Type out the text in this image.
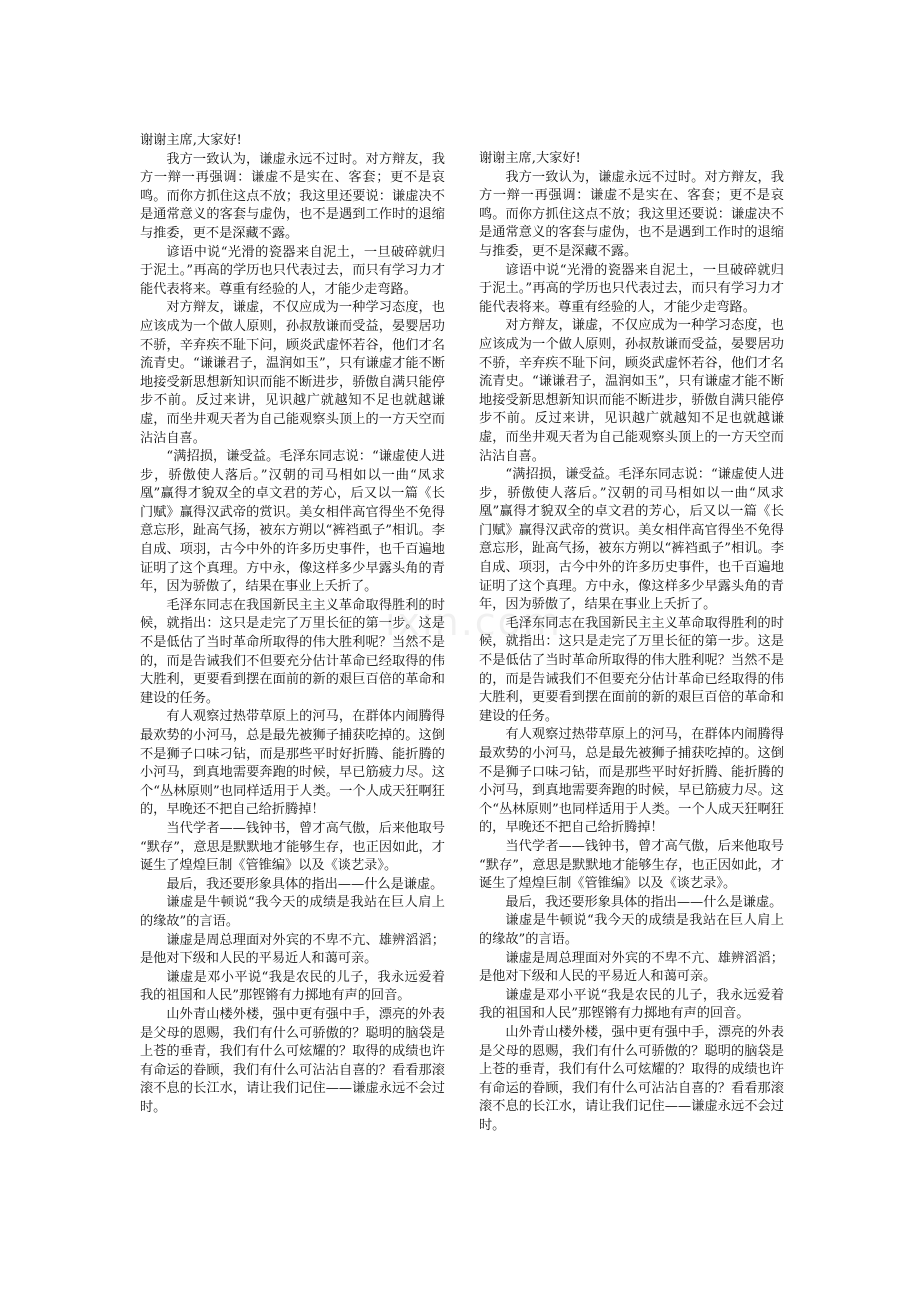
谢谢主席,大家好!

我方一致认为，谦虚永远不过时。对方辩友，我方一辩一再强调：谦虚不是实在、客套；更不是哀鸣。而你方抓住这点不放；我这里还要说：谦虚决不是通常意义的客套与虚伪，也不是遇到工作时的退缩与推委，更不是深藏不露。

谚语中说“光滑的瓷器来自泥土，一旦破碎就归于泥土。”再高的学历也只代表过去，而只有学习力才能代表将来。尊重有经验的人，才能少走弯路。

对方辩友，谦虚，不仅应成为一种学习态度，也应该成为一个做人原则，孙叔敖谦而受益，晏婴居功不骄，辛弃疾不耻下问，顾炎武虚怀若谷，他们才名流青史。“谦谦君子，温润如玉”，只有谦虚才能不断地接受新思想新知识而能不断进步，骄傲自满只能停步不前。反过来讲，见识越广就越知不足也就越谦虚，而坐井观天者为自己能观察头顶上的一方天空而沾沾自喜。

“满招损，谦受益。毛泽东同志说：“谦虚使人进步，骄傲使人落后。”汉朝的司马相如以一曲“凤求凰”赢得才貌双全的卓文君的芳心，后又以一篇《长门赋》赢得汉武帝的赏识。美女相伴高官得坐不免得意忘形，趾高气扬，被东方朔以“裤裆虱子”相讥。李自成、项羽，古今中外的许多历史事件，也千百遍地证明了这个真理。方中永，像这样多少早露头角的青年，因为骄傲了，结果在事业上夭折了。

毛泽东同志在我国新民主主义革命取得胜利的时候，就指出：这只是走完了万里长征的第一步。这是不是低估了当时革命所取得的伟大胜利呢？当然不是的，而是告诫我们不但要充分估计革命已经取得的伟大胜利，更要看到摆在面前的新的艰巨百倍的革命和建设的任务。

有人观察过热带草原上的河马，在群体内闹腾得最欢势的小河马，总是最先被狮子捕获吃掉的。这倒不是狮子口味刁钻，而是那些平时好折腾、能折腾的小河马，到真地需要奔跑的时候，早已筋疲力尽。这个“丛林原则”也同样适用于人类。一个人成天狂啊狂的，早晚还不把自己给折腾掉！

当代学者——钱钟书，曾才高气傲，后来他取号 “默存”，意思是默默地才能够生存，也正因如此，才诞生了煌煌巨制《管锥编》以及《谈艺录》。

最后，我还要形象具体的指出——什么是谦虚。

谦虚是牛顿说“我今天的成绩是我站在巨人肩上的缘故”的言语。

谦虚是周总理面对外宾的不卑不亢、雄辨滔滔；是他对下级和人民的平易近人和蔼可亲。

谦虚是邓小平说“我是农民的儿子，我永远爱着我的祖国和人民”那铿锵有力掷地有声的回音。

山外青山楼外楼，强中更有强中手，漂亮的外表是父母的恩赐，我们有什么可骄傲的？聪明的脑袋是上苍的垂青，我们有什么可炫耀的？取得的成绩也许有命运的眷顾，我们有什么可沾沾自喜的？看看那滚滚不息的长江水，请让我们记住——谦虚永远不会过时。

谢谢主席,大家好!

我方一致认为，谦虚永远不过时。对方辩友，我方一辩一再强调：谦虚不是实在、客套；更不是哀鸣。而你方抓住这点不放；我这里还要说：谦虚决不是通常意义的客套与虚伪，也不是遇到工作时的退缩与推委，更不是深藏不露。

谚语中说“光滑的瓷器来自泥土，一旦破碎就归于泥土。”再高的学历也只代表过去，而只有学习力才能代表将来。尊重有经验的人，才能少走弯路。

对方辩友，谦虚，不仅应成为一种学习态度，也应该成为一个做人原则，孙叔敖谦而受益，晏婴居功不骄，辛弃疾不耻下问，顾炎武虚怀若谷，他们才名流青史。“谦谦君子，温润如玉”，只有谦虚才能不断地接受新思想新知识而能不断进步，骄傲自满只能停步不前。反过来讲，见识越广就越知不足也就越谦虚，而坐井观天者为自己能观察头顶上的一方天空而沾沾自喜。

“满招损，谦受益。毛泽东同志说：“谦虚使人进步，骄傲使人落后。”汉朝的司马相如以一曲“凤求凰”赢得才貌双全的卓文君的芳心，后又以一篇《长门赋》赢得汉武帝的赏识。美女相伴高官得坐不免得意忘形，趾高气扬，被东方朔以“裤裆虱子”相讥。李自成、项羽，古今中外的许多历史事件，也千百遍地证明了这个真理。方中永，像这样多少早露头角的青年，因为骄傲了，结果在事业上夭折了。

毛泽东同志在我国新民主主义革命取得胜利的时候，就指出：这只是走完了万里长征的第一步。这是不是低估了当时革命所取得的伟大胜利呢？当然不是的，而是告诫我们不但要充分估计革命已经取得的伟大胜利，更要看到摆在面前的新的艰巨百倍的革命和建设的任务。

有人观察过热带草原上的河马，在群体内闹腾得最欢势的小河马，总是最先被狮子捕获吃掉的。这倒不是狮子口味刁钻，而是那些平时好折腾、能折腾的小河马，到真地需要奔跑的时候，早已筋疲力尽。这个“丛林原则”也同样适用于人类。一个人成天狂啊狂的，早晚还不把自己给折腾掉！

当代学者——钱钟书，曾才高气傲，后来他取号 “默存”，意思是默默地才能够生存，也正因如此，才诞生了煌煌巨制《管锥编》以及《谈艺录》。

最后，我还要形象具体的指出——什么是谦虚。

谦虚是牛顿说“我今天的成绩是我站在巨人肩上的缘故”的言语。

谦虚是周总理面对外宾的不卑不亢、雄辨滔滔；是他对下级和人民的平易近人和蔼可亲。

谦虚是邓小平说“我是农民的儿子，我永远爱着我的祖国和人民”那铿锵有力掷地有声的回音。

山外青山楼外楼，强中更有强中手，漂亮的外表是父母的恩赐，我们有什么可骄傲的？聪明的脑袋是上苍的垂青，我们有什么可炫耀的？取得的成绩也许有命运的眷顾，我们有什么可沾沾自喜的？看看那滚滚不息的长江水，请让我们记住——谦虚永远不会过时。

ixin.com
